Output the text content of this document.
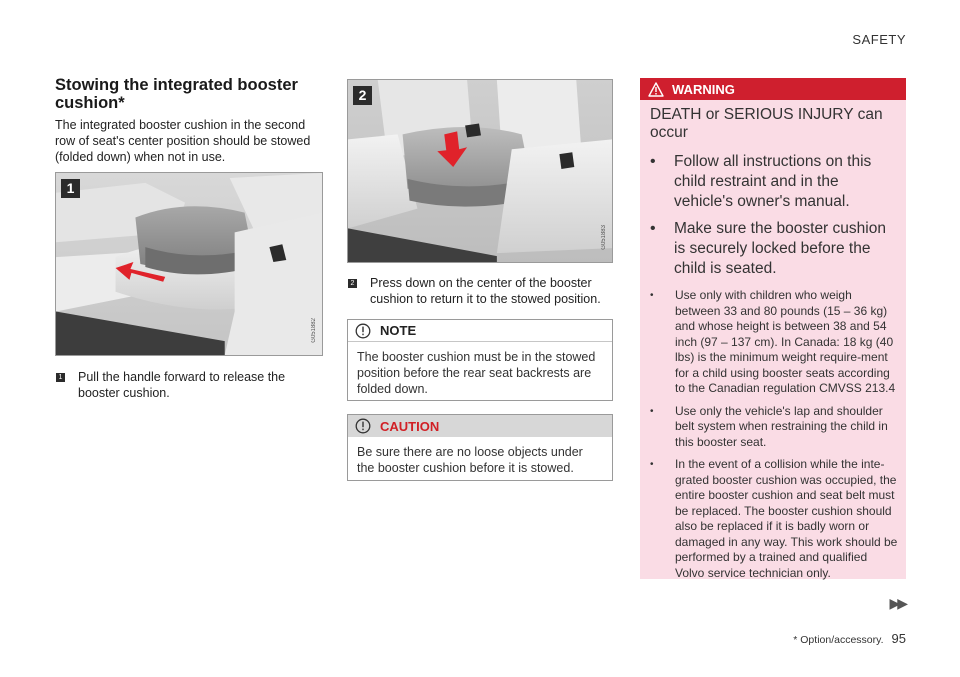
SAFETY
Stowing the integrated booster cushion*

The integrated booster cushion in the second row of seat's center position should be stowed (folded down) when not in use.

1
G051882
1 Pull the handle forward to release the booster cushion.
2
G051883
2 Press down on the center of the booster cushion to return it to the stowed position.
NOTE
The booster cushion must be in the stowed position before the rear seat backrests are folded down.
CAUTION
Be sure there are no loose objects under the booster cushion before it is stowed.
WARNING

DEATH or SERIOUS INJURY can occur

•	Follow all instructions on this child restraint and in the vehicle's owner's manual.
•	Make sure the booster cushion is securely locked before the child is seated.
•	Use only with children who weigh between 33 and 80 pounds (15 – 36 kg) and whose height is between 38 and 54 inch (97 – 137 cm). In Canada: 18 kg (40 lbs) is the minimum weight require-ment for a child using booster seats according to the Canadian regulation CMVSS 213.4
•	Use only the vehicle's lap and shoulder belt system when restraining the child in this booster seat.
•	In the event of a collision while the inte-grated booster cushion was occupied, the entire booster cushion and seat belt must be replaced. The booster cushion should also be replaced if it is badly worn or damaged in any way. This work should be performed by a trained and qualified Volvo service technician only.
▶▶
* Option/accessory. 95
